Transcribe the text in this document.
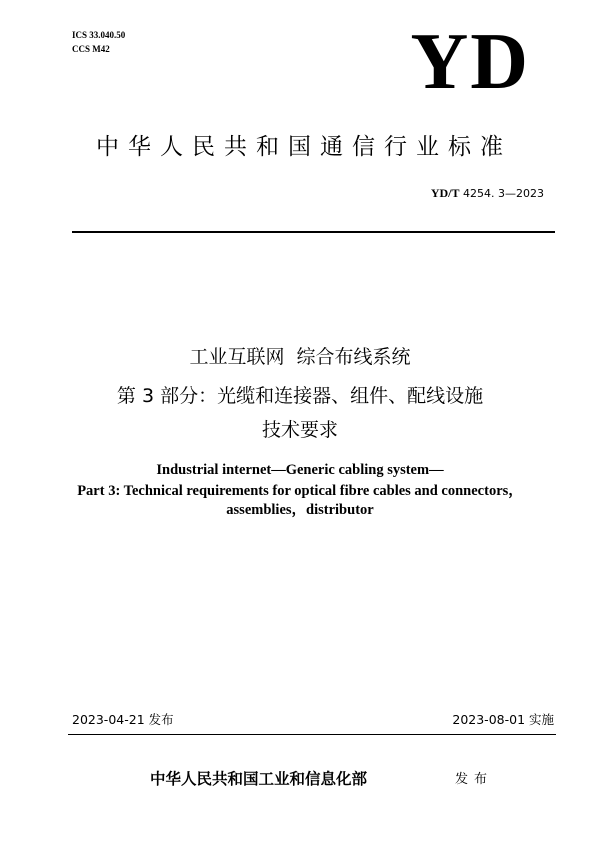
ICS 33.040.50
CCS M42	YD
中华人民共和国通信行业标准
YD/T 4254. 3—2023
工业互联网  综合布线系统
第 3 部分：光缆和连接器、组件、配线设施
技术要求
Industrial internet—Generic cabling system—
Part 3: Technical requirements for optical fibre cables and connectors，
assemblies，distributor
2023-04-21 发布	2023-08-01 实施
中华人民共和国工业和信息化部	发布
